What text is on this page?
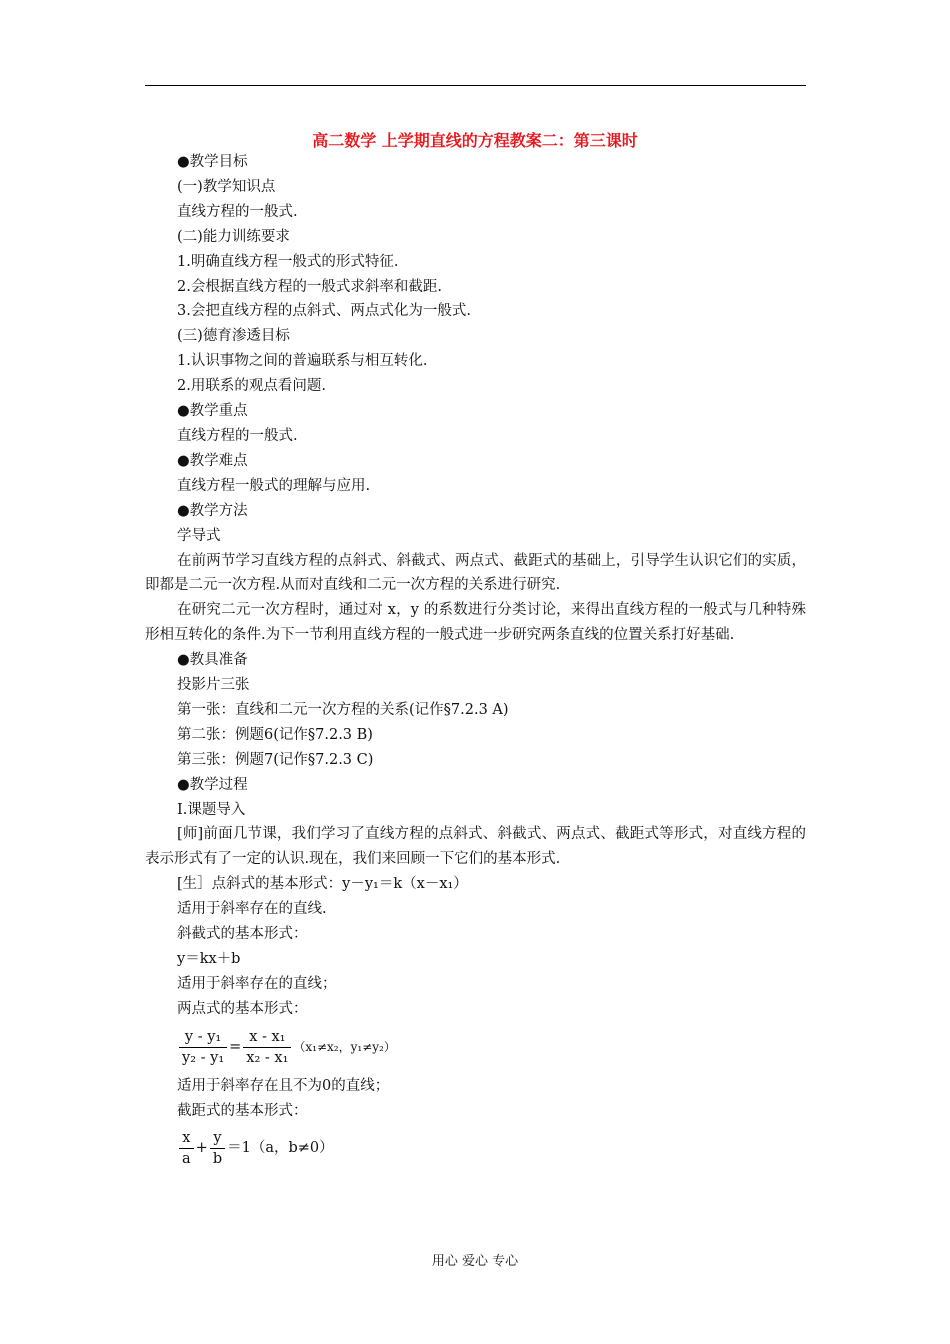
高二数学 上学期直线的方程教案二：第三课时
●教学目标
(一)教学知识点
直线方程的一般式.
(二)能力训练要求
1.明确直线方程一般式的形式特征.
2.会根据直线方程的一般式求斜率和截距.
3.会把直线方程的点斜式、两点式化为一般式.
(三)德育渗透目标
1.认识事物之间的普遍联系与相互转化.
2.用联系的观点看问题.
●教学重点
直线方程的一般式.
●教学难点
直线方程一般式的理解与应用.
●教学方法
学导式
在前两节学习直线方程的点斜式、斜截式、两点式、截距式的基础上，引导学生认识它们的实质，即都是二元一次方程.从而对直线和二元一次方程的关系进行研究.
在研究二元一次方程时，通过对 x，y 的系数进行分类讨论，来得出直线方程的一般式与几种特殊形相互转化的条件.为下一节利用直线方程的一般式进一步研究两条直线的位置关系打好基础.
●教具准备
投影片三张
第一张：直线和二元一次方程的关系(记作§7.2.3 A)
第二张：例题6(记作§7.2.3 B)
第三张：例题7(记作§7.2.3 C)
●教学过程
Ⅰ.课题导入
[师]前面几节课，我们学习了直线方程的点斜式、斜截式、两点式、截距式等形式，对直线方程的表示形式有了一定的认识.现在，我们来回顾一下它们的基本形式.
[生］点斜式的基本形式：y－y₁＝k（x－x₁）
适用于斜率存在的直线.
斜截式的基本形式：
y＝kx＋b
适用于斜率存在的直线；
两点式的基本形式：
$\frac{\text{y - y₁}}{\text{y₂ - y₁}} = \frac{\text{x - x₁}}{\text{x₂ - x₁}} (x_1\ne x_2$，y₁≠y₂）
适用于斜率存在且不为0的直线；
截距式的基本形式：
$\frac{x}{a} + \frac{y}{b} =1(a$，b≠0）
用心 爱心 专心
